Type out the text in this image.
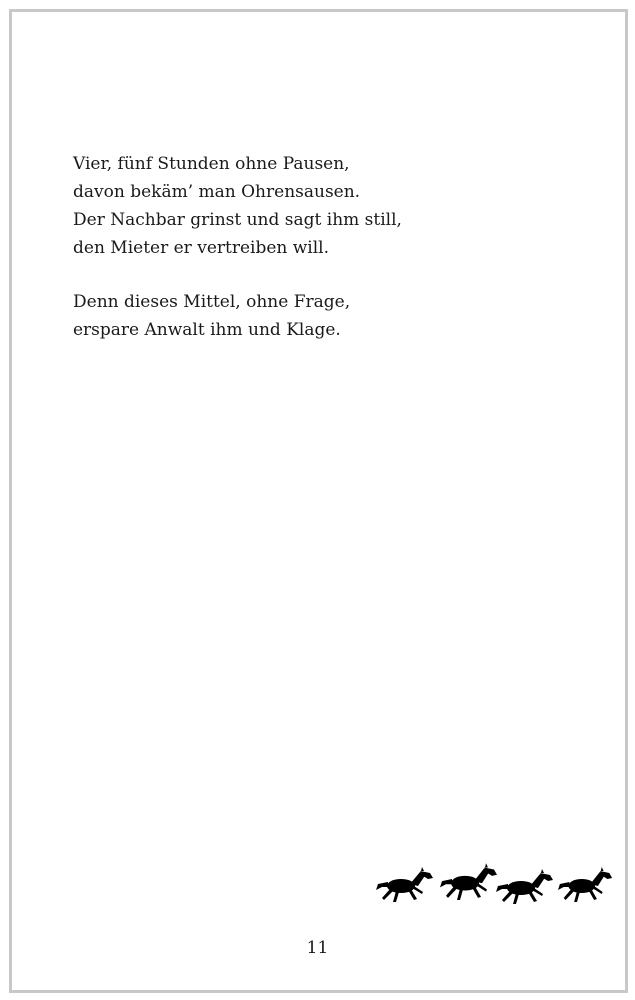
Vier, fünf Stunden ohne Pausen,
davon bekäm’ man Ohrensausen.
Der Nachbar grinst und sagt ihm still,
den Mieter er vertreiben will.
Denn dieses Mittel, ohne Frage,
erspare Anwalt ihm und Klage.
11
